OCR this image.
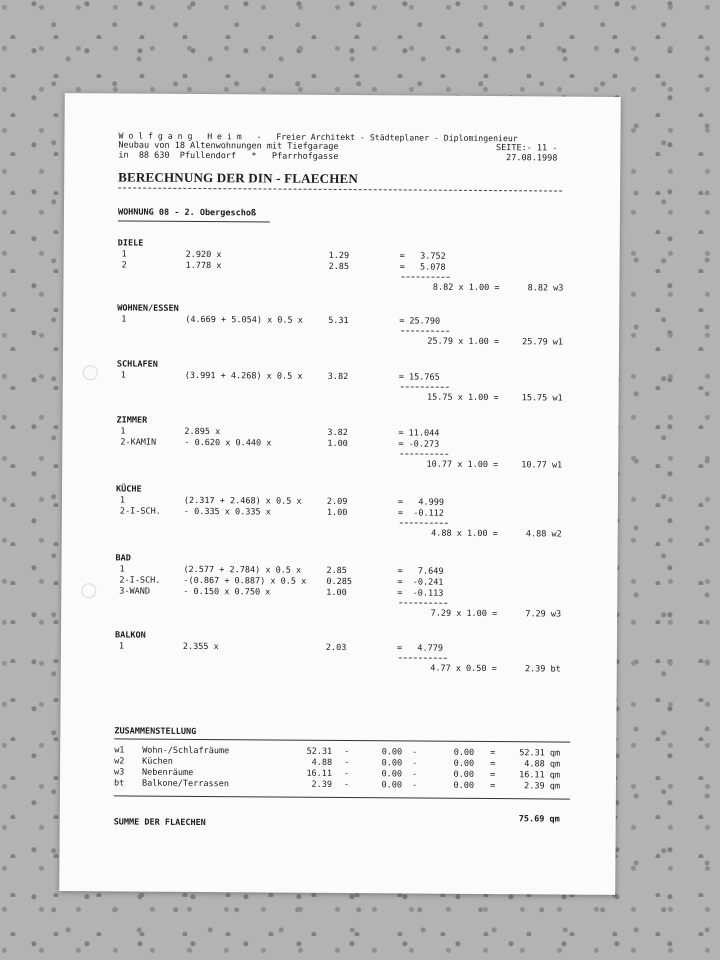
W o l f g a n g   H e i m   -   Freier Architekt - Städteplaner - Diplomingenieur
Neubau von 18 Altenwohnungen mit Tiefgarage	SEITE:- 11 -
in  88 630  Pfullendorf   *   Pfarrhofgasse	27.08.1998
BERECHNUNG DER DIN - FLAECHEN
WOHNUNG 08 - 2. Obergeschoß
DIELE
1	2.920 x	1.29	=   3.752
2	1.778 x	2.85	=   5.078
8.82 x 1.00 =	8.82 w3
WOHNEN/ESSEN
1	(4.669 + 5.054) x 0.5 x	5.31	= 25.790
25.79 x 1.00 =	25.79 w1
SCHLAFEN
1	(3.991 + 4.268) x 0.5 x	3.82	= 15.765
15.75 x 1.00 =	15.75 w1
ZIMMER
1	2.895 x	3.82	= 11.044
2-KAMIN	- 0.620 x 0.440 x	1.00	= -0.273
10.77 x 1.00 =	10.77 w1
KÜCHE
1	(2.317 + 2.468) x 0.5 x	2.09	=   4.999
2-I-SCH.	- 0.335 x 0.335 x	1.00	=  -0.112
4.88 x 1.00 =	4.88 w2
BAD
1	(2.577 + 2.784) x 0.5 x	2.85	=   7.649
2-I-SCH.	-(0.867 + 0.887) x 0.5 x 0.285	=  -0.241
3-WAND	- 0.150 x 0.750 x	1.00	=  -0.113
7.29 x 1.00 =	7.29 w3
BALKON
1	2.355 x	2.03	=   4.779
4.77 x 0.50 =	2.39 bt
ZUSAMMENSTELLUNG
w1 Wohn-/Schlafräume	52.31 -	0.00 -	0.00 =	52.31 qm
w2 Küchen	4.88 -	0.00 -	0.00 =	4.88 qm
w3 Nebenräume	16.11 -	0.00 -	0.00 =	16.11 qm
bt Balkone/Terrassen	2.39 -	0.00 -	0.00 =	2.39 qm
SUMME DER FLAECHEN	75.69 qm
